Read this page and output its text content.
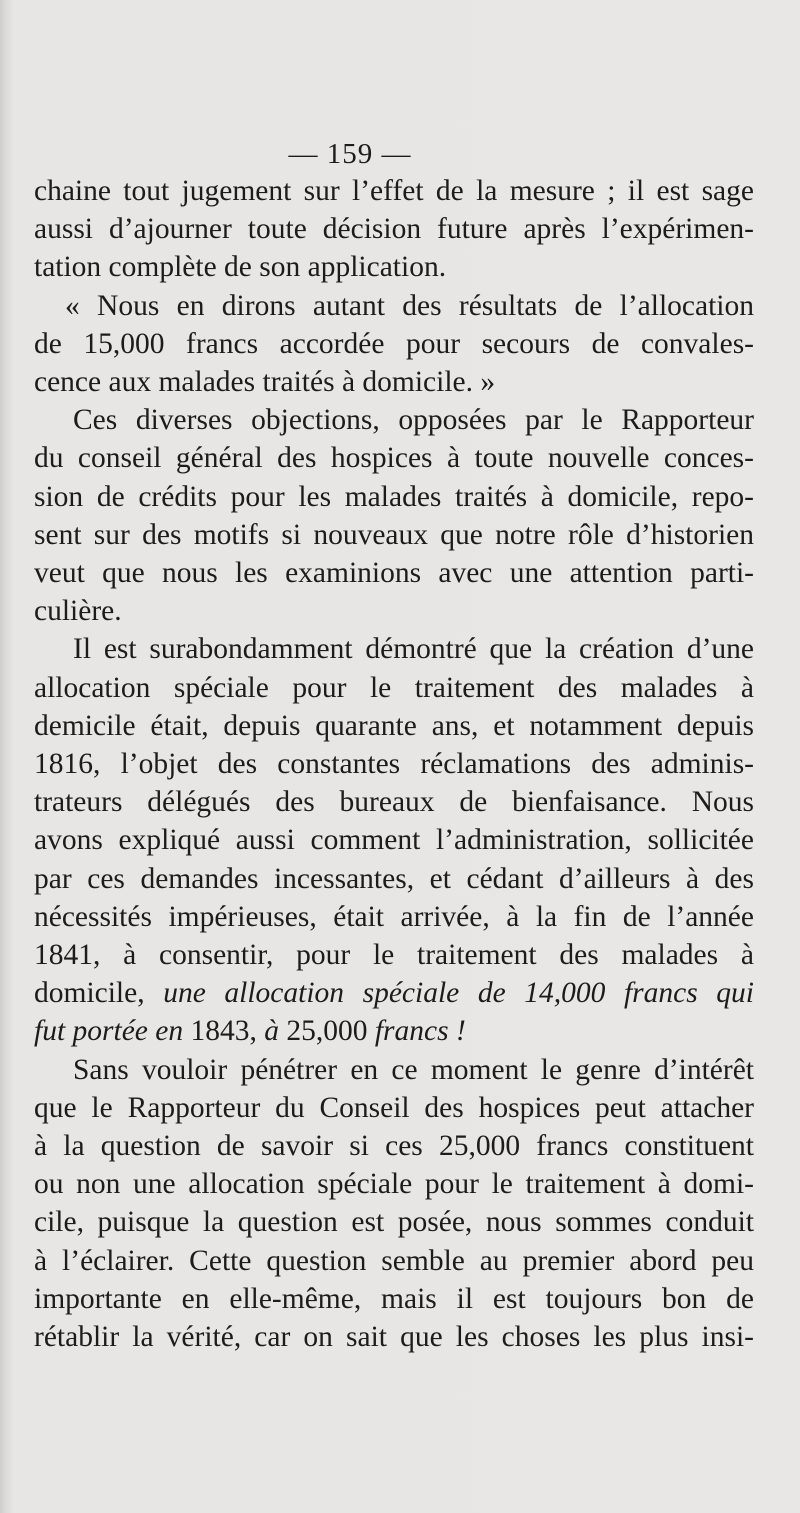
— 159 —
chaine tout jugement sur l’effet de la mesure ; il est sage
aussi d’ajourner toute décision future après l’expérimen-
tation complète de son application.
« Nous en dirons autant des résultats de l’allocation
de 15,000 francs accordée pour secours de convales-
cence aux malades traités à domicile. »
Ces diverses objections, opposées par le Rapporteur
du conseil général des hospices à toute nouvelle conces-
sion de crédits pour les malades traités à domicile, repo-
sent sur des motifs si nouveaux que notre rôle d’historien
veut que nous les examinions avec une attention parti-
culière.
Il est surabondamment démontré que la création d’une
allocation spéciale pour le traitement des malades à
demicile était, depuis quarante ans, et notamment depuis
1816, l’objet des constantes réclamations des adminis-
trateurs délégués des bureaux de bienfaisance. Nous
avons expliqué aussi comment l’administration, sollicitée
par ces demandes incessantes, et cédant d’ailleurs à des
nécessités impérieuses, était arrivée, à la fin de l’année
1841, à consentir, pour le traitement des malades à
domicile, une allocation spéciale de 14,000 francs qui
fut portée en 1843, à 25,000 francs !
Sans vouloir pénétrer en ce moment le genre d’intérêt
que le Rapporteur du Conseil des hospices peut attacher
à la question de savoir si ces 25,000 francs constituent
ou non une allocation spéciale pour le traitement à domi-
cile, puisque la question est posée, nous sommes conduit
à l’éclairer. Cette question semble au premier abord peu
importante en elle-même, mais il est toujours bon de
rétablir la vérité, car on sait que les choses les plus insi-
